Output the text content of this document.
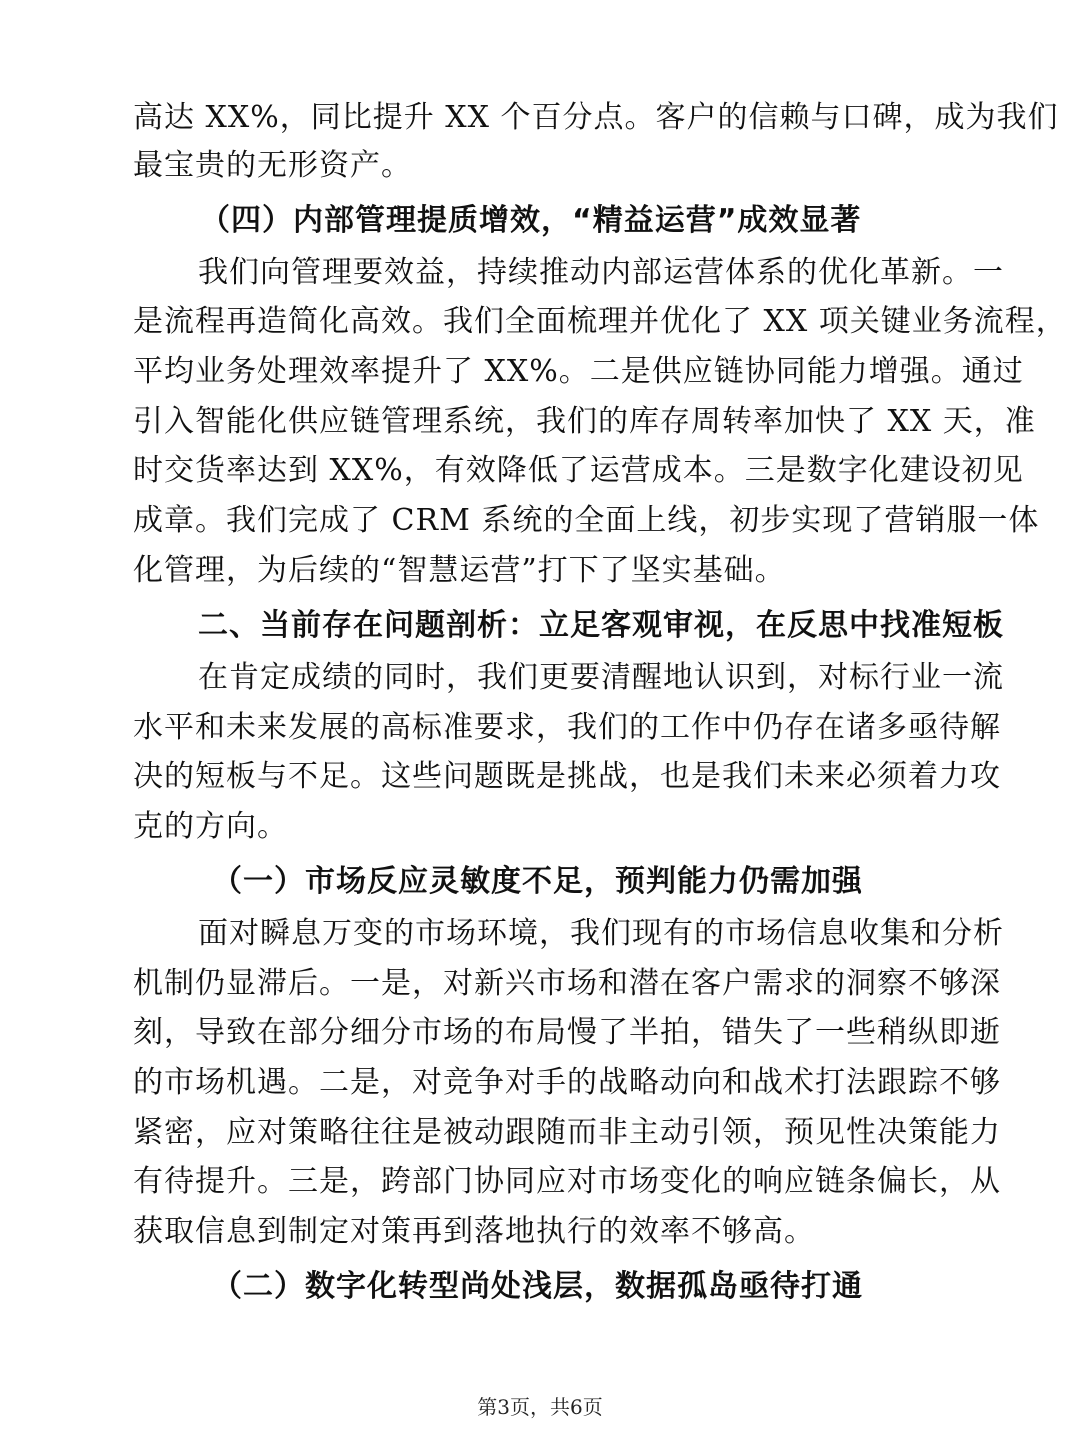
高达 XX%，同比提升 XX 个百分点。客户的信赖与口碑，成为我们
最宝贵的无形资产。
（四）内部管理提质增效，“精益运营”成效显著
我们向管理要效益，持续推动内部运营体系的优化革新。一
是流程再造简化高效。我们全面梳理并优化了 XX 项关键业务流程，
平均业务处理效率提升了 XX%。二是供应链协同能力增强。通过
引入智能化供应链管理系统，我们的库存周转率加快了 XX 天，准
时交货率达到 XX%，有效降低了运营成本。三是数字化建设初见
成章。我们完成了 CRM 系统的全面上线，初步实现了营销服一体
化管理，为后续的“智慧运营”打下了坚实基础。
二、当前存在问题剖析：立足客观审视，在反思中找准短板
在肯定成绩的同时，我们更要清醒地认识到，对标行业一流
水平和未来发展的高标准要求，我们的工作中仍存在诸多亟待解
决的短板与不足。这些问题既是挑战，也是我们未来必须着力攻
克的方向。
（一）市场反应灵敏度不足，预判能力仍需加强
面对瞬息万变的市场环境，我们现有的市场信息收集和分析
机制仍显滞后。一是，对新兴市场和潜在客户需求的洞察不够深
刻，导致在部分细分市场的布局慢了半拍，错失了一些稍纵即逝
的市场机遇。二是，对竞争对手的战略动向和战术打法跟踪不够
紧密，应对策略往往是被动跟随而非主动引领，预见性决策能力
有待提升。三是，跨部门协同应对市场变化的响应链条偏长，从
获取信息到制定对策再到落地执行的效率不够高。
（二）数字化转型尚处浅层，数据孤岛亟待打通
第3页，共6页
